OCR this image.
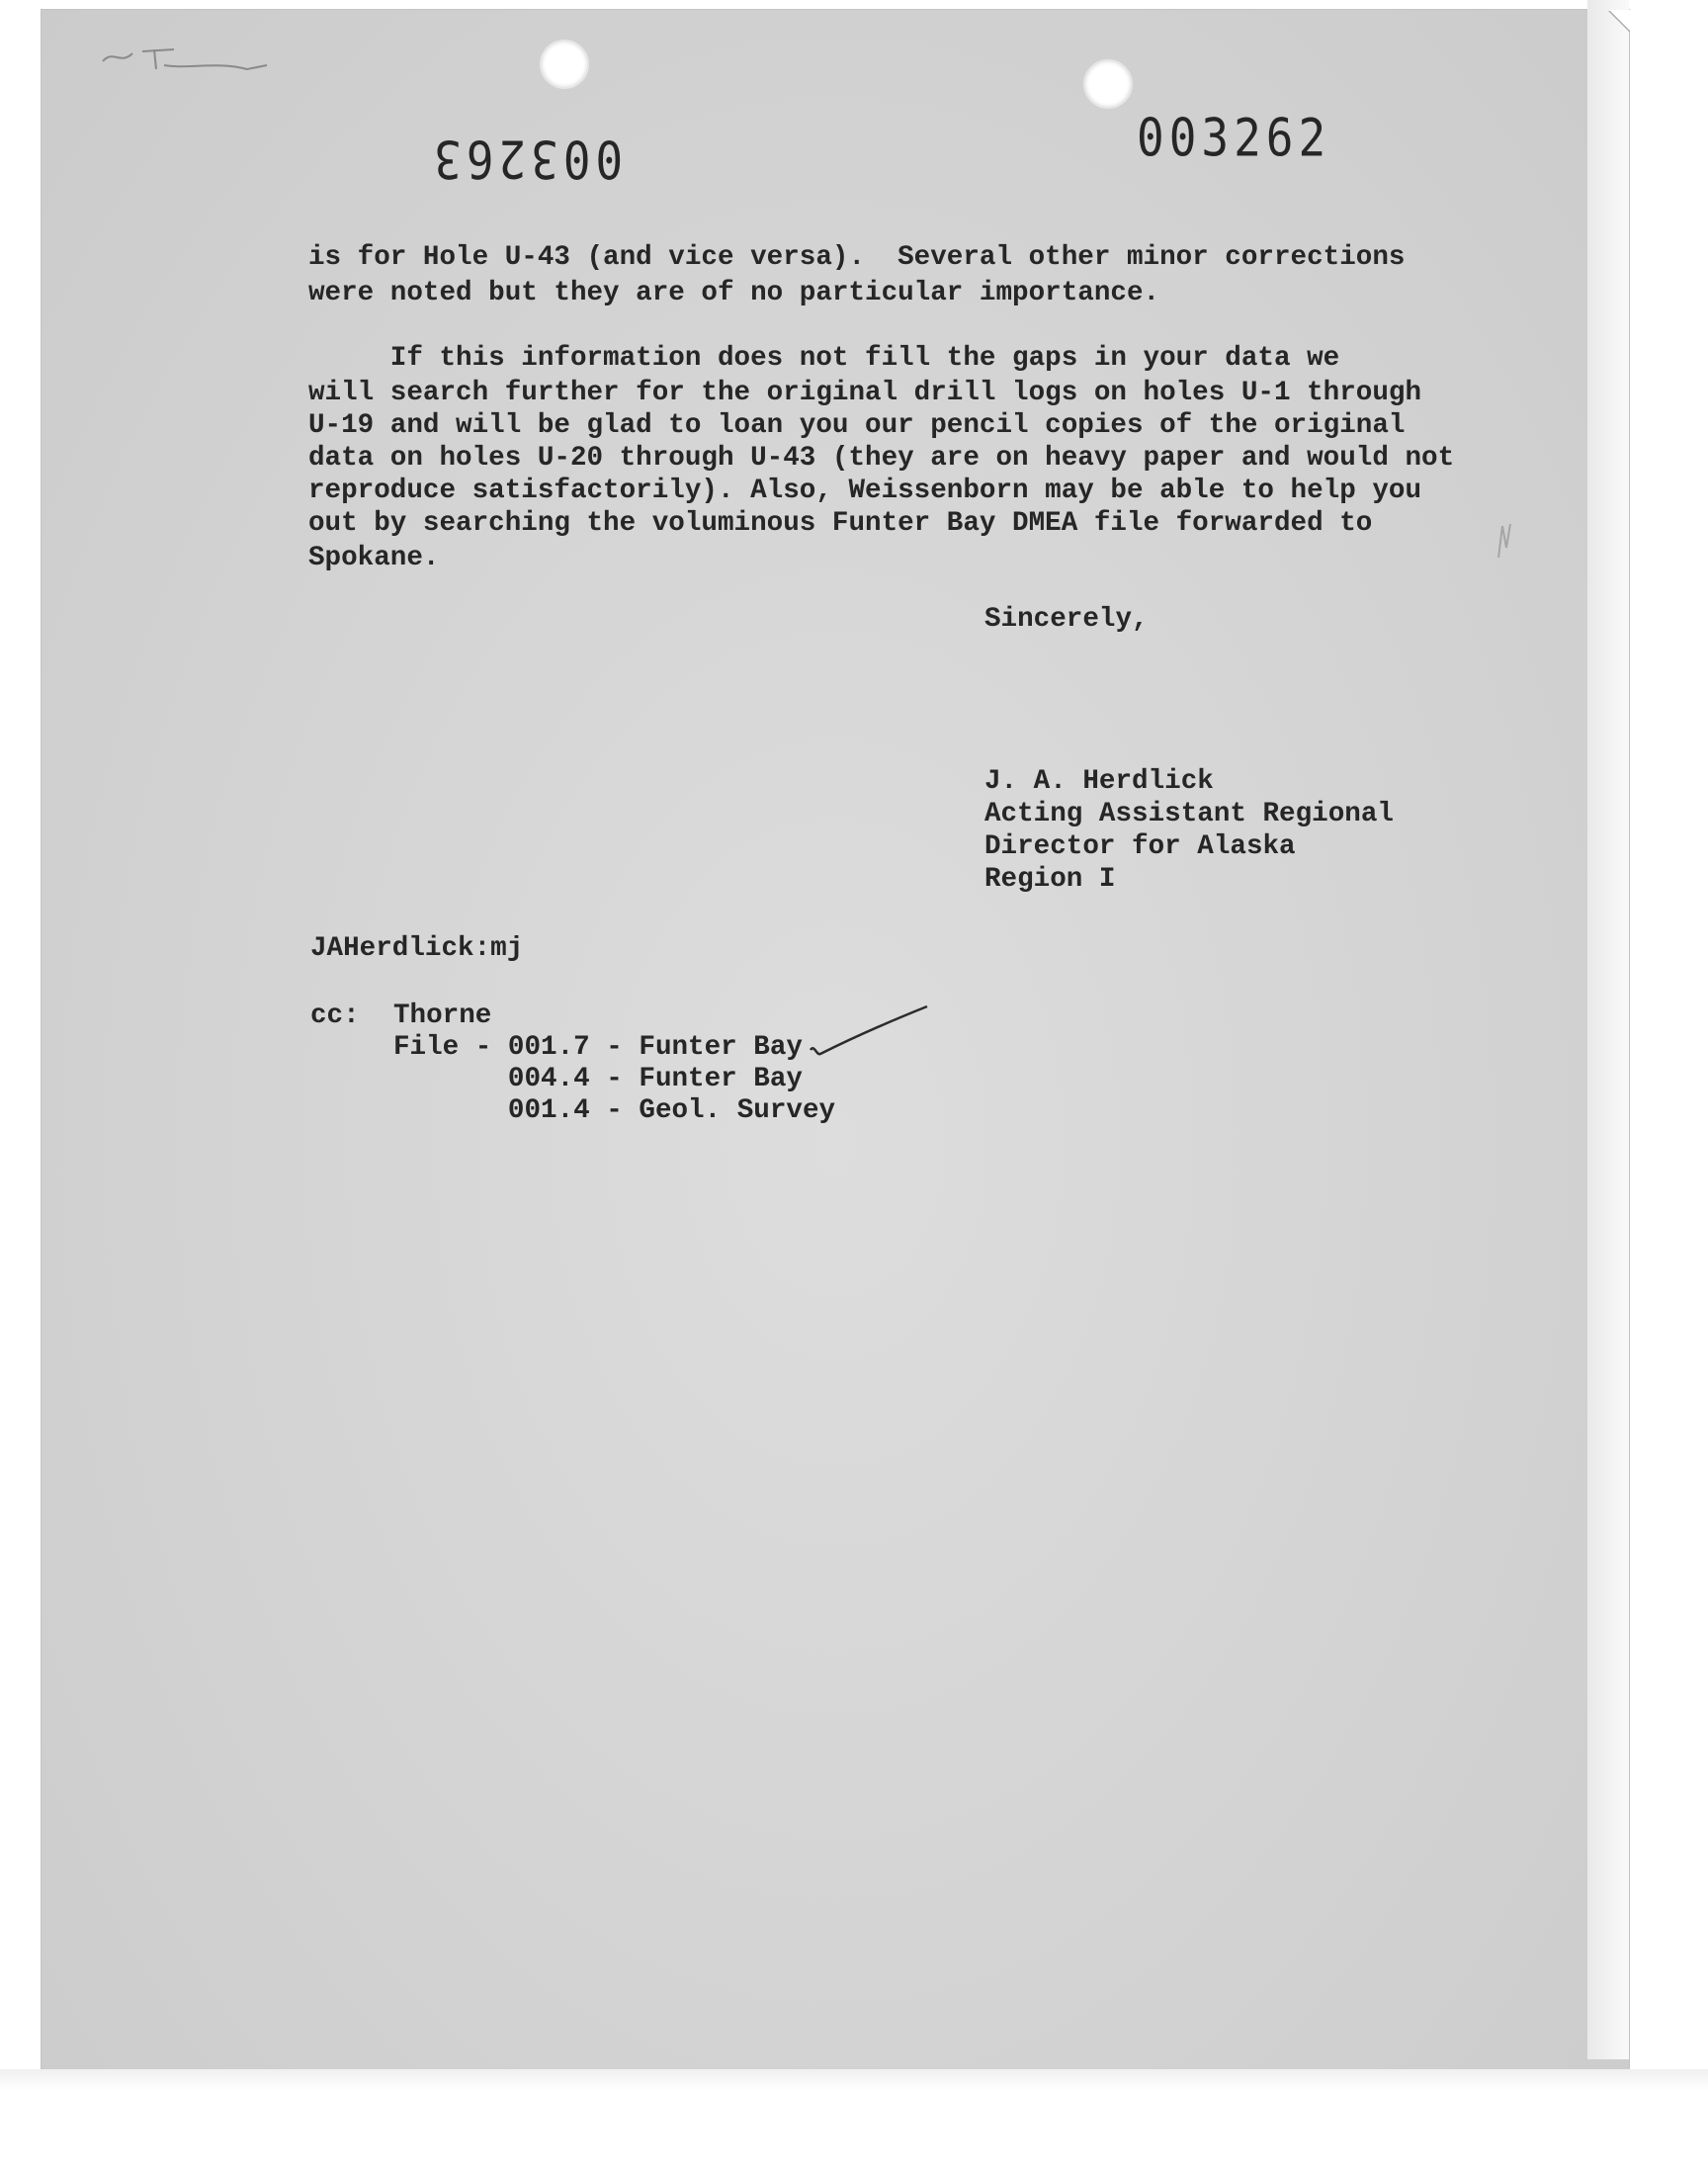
003263	003262
is for Hole U-43 (and vice versa).  Several other minor corrections
were noted but they are of no particular importance.
If this information does not fill the gaps in your data we
will search further for the original drill logs on holes U-1 through
U-19 and will be glad to loan you our pencil copies of the original
data on holes U-20 through U-43 (they are on heavy paper and would not
reproduce satisfactorily). Also, Weissenborn may be able to help you
out by searching the voluminous Funter Bay DMEA file forwarded to
Spokane.
Sincerely,
J. A. Herdlick
Acting Assistant Regional
Director for Alaska
Region I
JAHerdlick:mj
cc: Thorne
File - 001.7 - Funter Bay
004.4 - Funter Bay
001.4 - Geol. Survey
